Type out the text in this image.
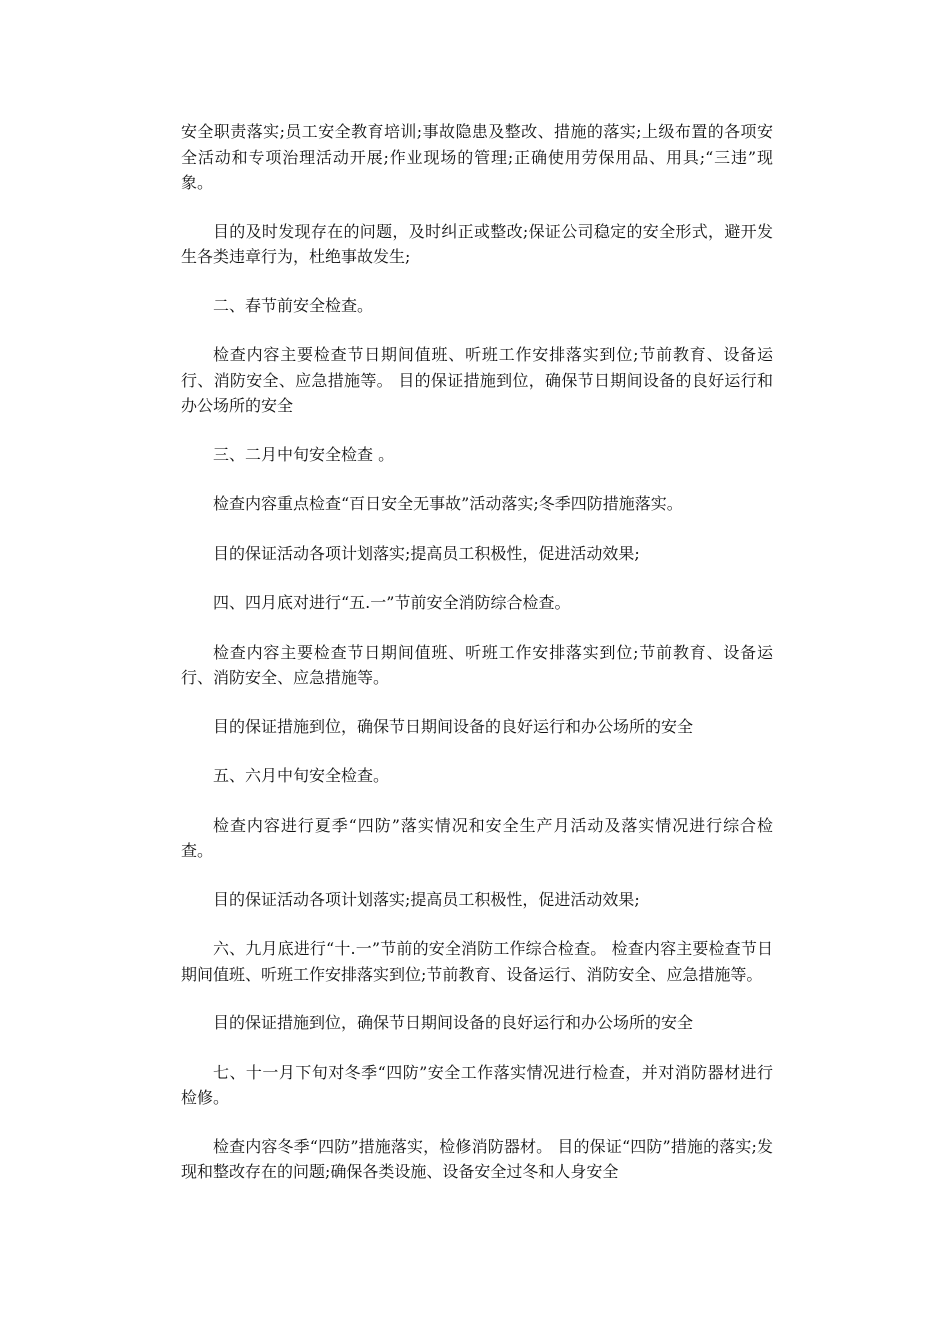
安全职责落实;员工安全教育培训;事故隐患及整改、措施的落实;上级布置的各项安全活动和专项治理活动开展;作业现场的管理;正确使用劳保用品、用具;“三违”现象。

目的及时发现存在的问题，及时纠正或整改;保证公司稳定的安全形式，避开发生各类违章行为，杜绝事故发生;

二、春节前安全检查。

检查内容主要检查节日期间值班、听班工作安排落实到位;节前教育、设备运行、消防安全、应急措施等。 目的保证措施到位，确保节日期间设备的良好运行和办公场所的安全

三、二月中旬安全检查 。

检查内容重点检查“百日安全无事故”活动落实;冬季四防措施落实。

目的保证活动各项计划落实;提高员工积极性，促进活动效果;

四、四月底对进行“五.一”节前安全消防综合检查。

检查内容主要检查节日期间值班、听班工作安排落实到位;节前教育、设备运行、消防安全、应急措施等。

目的保证措施到位，确保节日期间设备的良好运行和办公场所的安全

五、六月中旬安全检查。

检查内容进行夏季“四防”落实情况和安全生产月活动及落实情况进行综合检查。

目的保证活动各项计划落实;提高员工积极性，促进活动效果;

六、九月底进行“十.一”节前的安全消防工作综合检查。 检查内容主要检查节日期间值班、听班工作安排落实到位;节前教育、设备运行、消防安全、应急措施等。

目的保证措施到位，确保节日期间设备的良好运行和办公场所的安全

七、十一月下旬对冬季“四防”安全工作落实情况进行检查，并对消防器材进行检修。

检查内容冬季“四防”措施落实，检修消防器材。 目的保证“四防”措施的落实;发现和整改存在的问题;确保各类设施、设备安全过冬和人身安全
